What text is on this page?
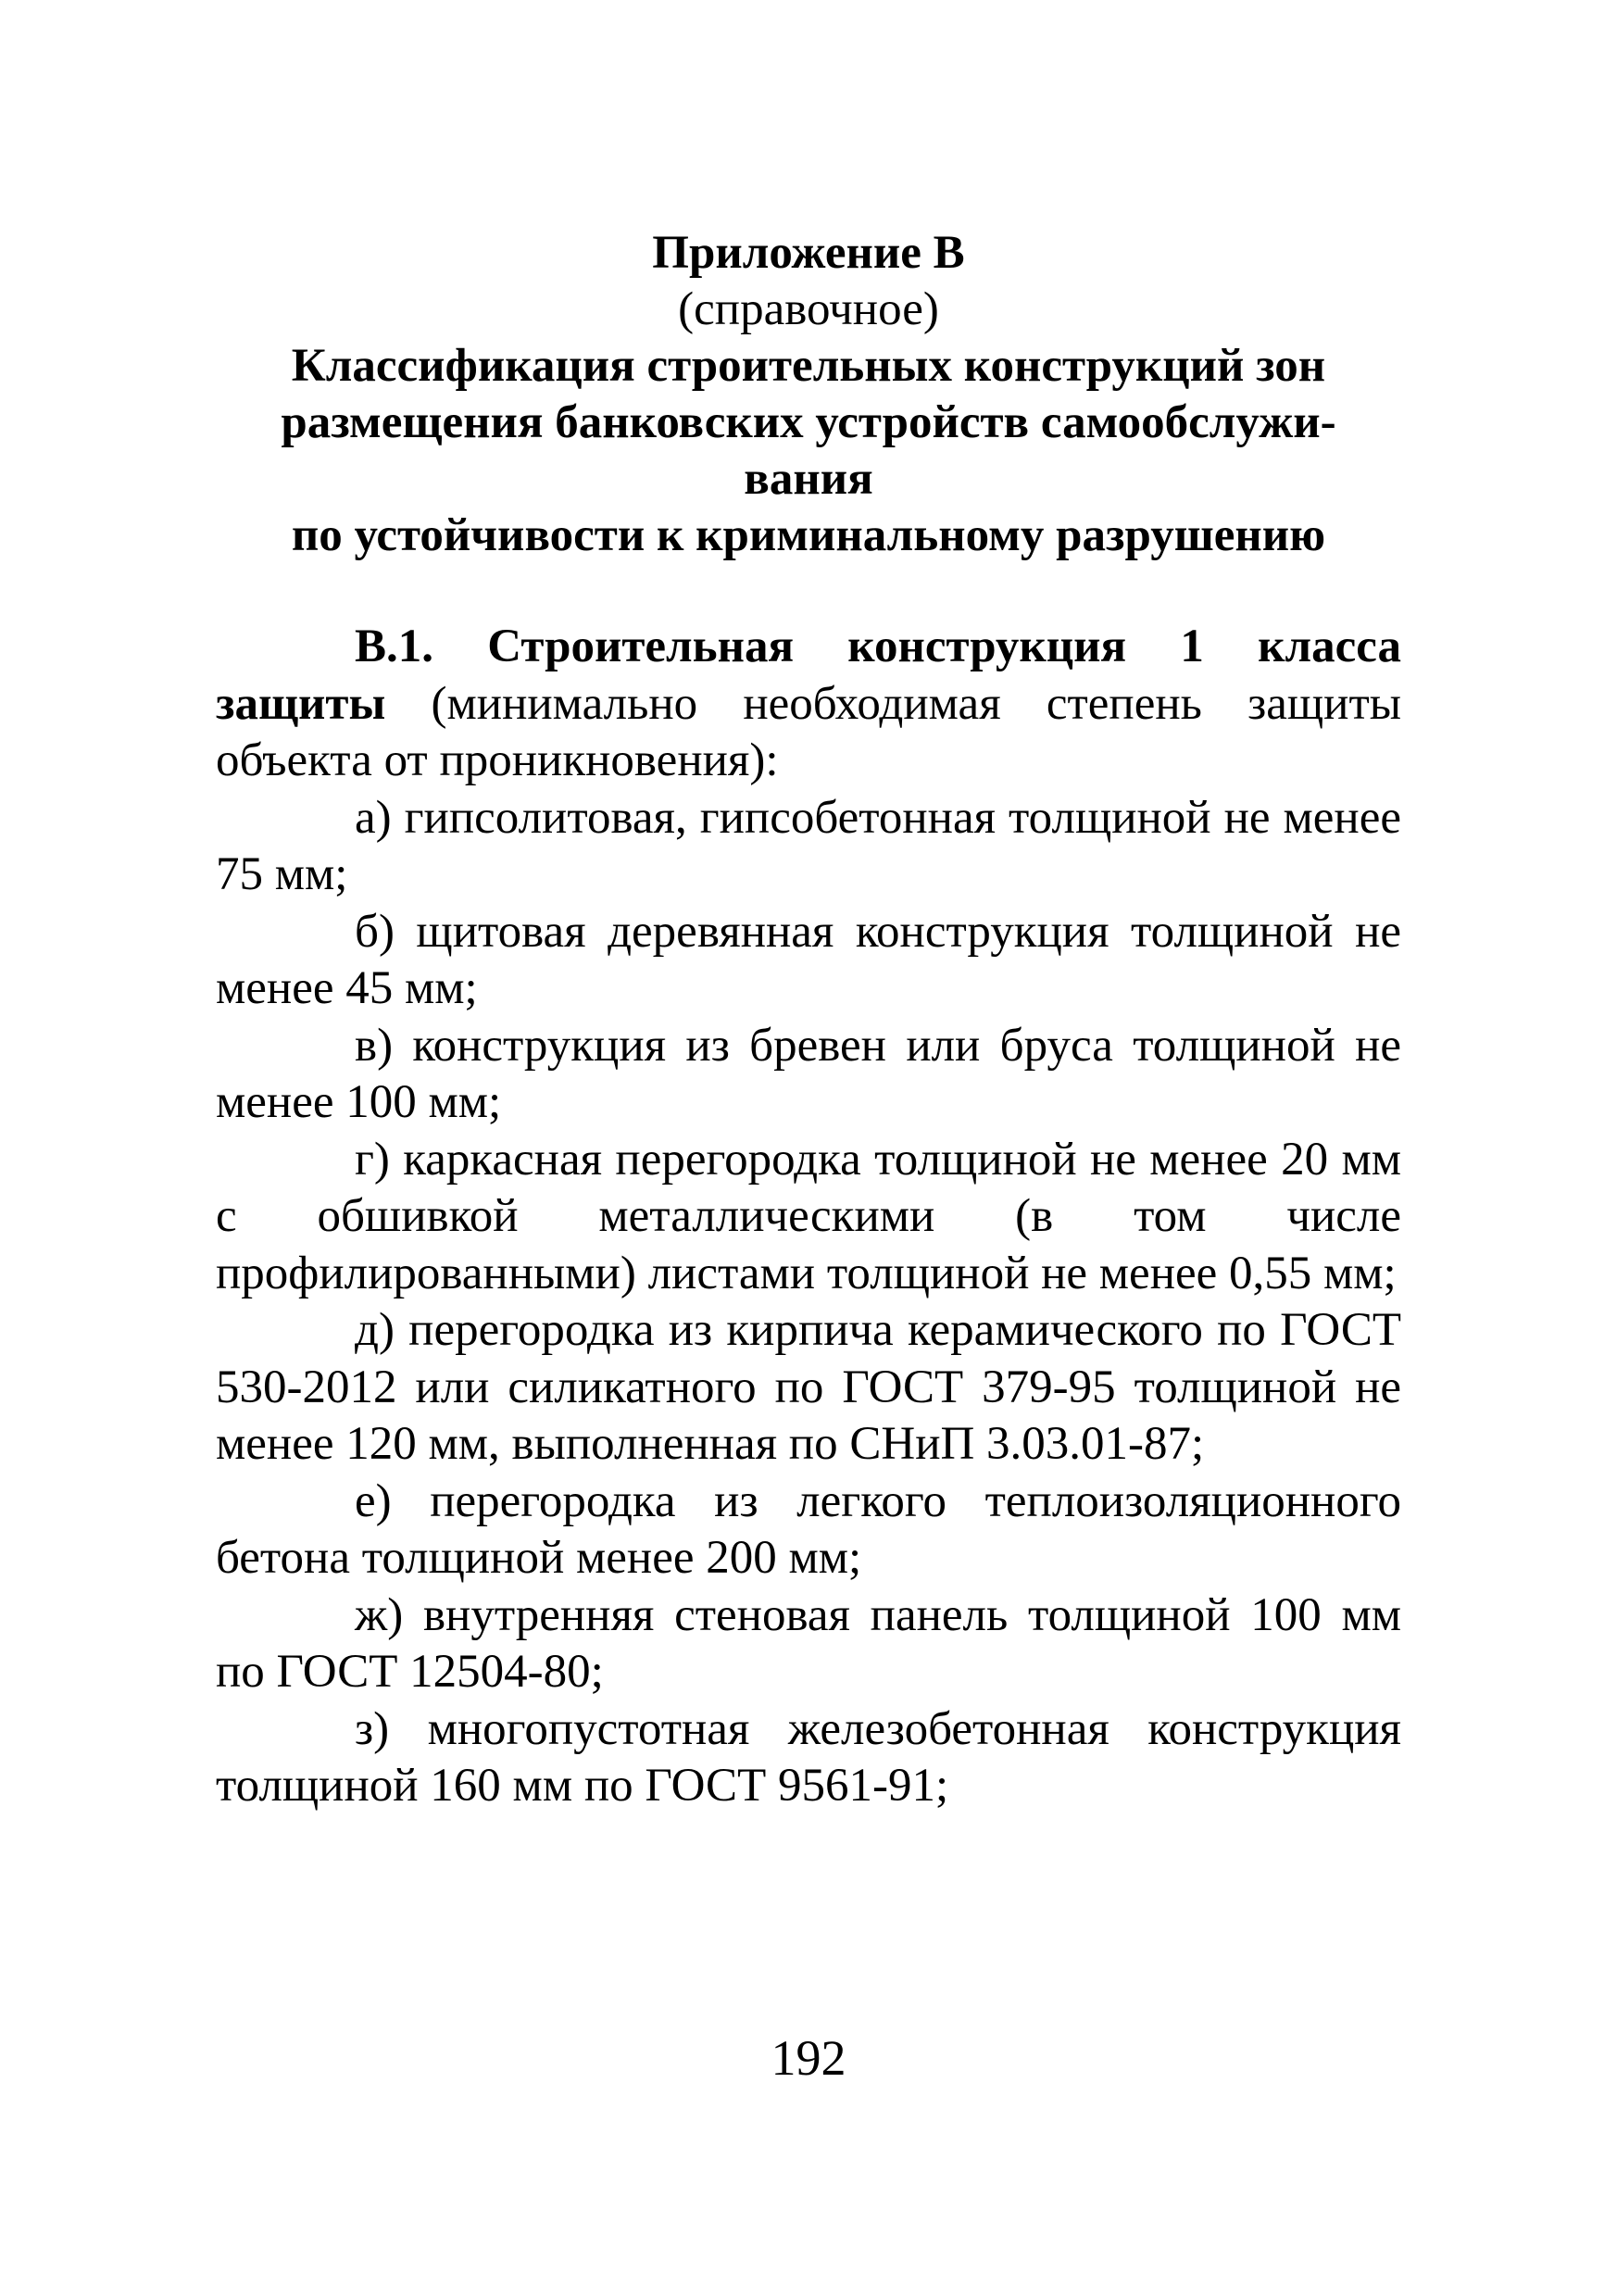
Приложение В
(справочное)
Классификация строительных конструкций зон
размещения банковских устройств самообслужи-
вания
по устойчивости к криминальному разрушению

В.1. Строительная конструкция 1 класса защиты (минимально необходимая степень защиты объекта от проникновения):

а) гипсолитовая, гипсобетонная толщиной не менее 75 мм;

б) щитовая деревянная конструкция толщиной не менее 45 мм;

в) конструкция из бревен или бруса толщиной не менее 100 мм;

г) каркасная перегородка толщиной не менее 20 мм с обшивкой металлическими (в том числе профилированными) листами толщиной не менее 0,55 мм;

д) перегородка из кирпича керамического по ГОСТ 530-2012 или силикатного по ГОСТ 379-95 толщиной не менее 120 мм, выполненная по СНиП 3.03.01-87;

е) перегородка из легкого теплоизоляционного бетона толщиной менее 200 мм;

ж) внутренняя стеновая панель толщиной 100 мм по ГОСТ 12504-80;

з) многопустотная железобетонная конструкция толщиной 160 мм по ГОСТ 9561-91;

192
